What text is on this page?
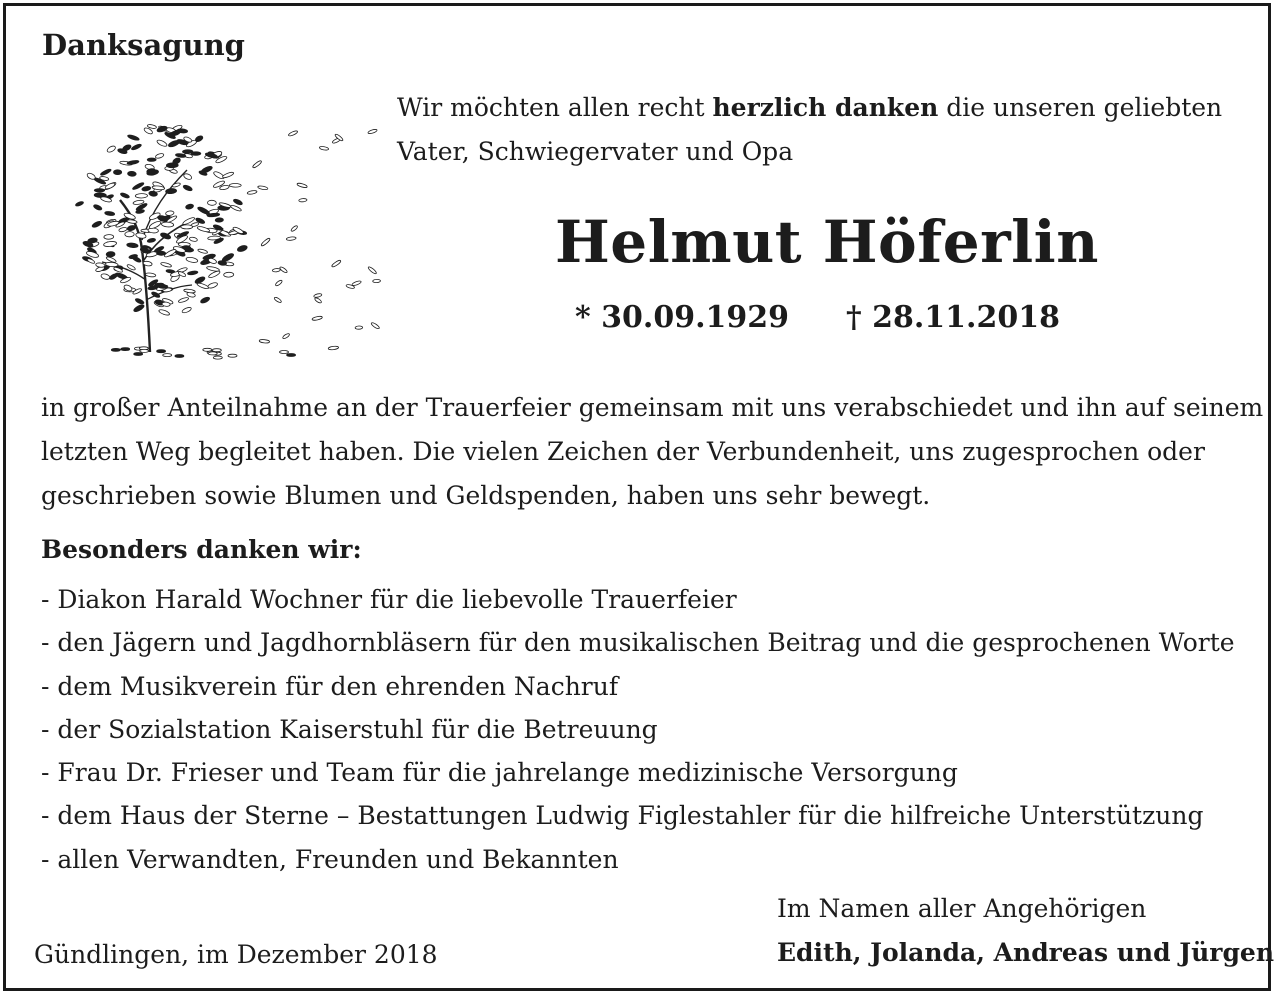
Danksagung
Wir möchten allen recht herzlich danken die unseren geliebten
Vater, Schwiegervater und Opa
Helmut Höferlin
* 30.09.1929 † 28.11.2018
in großer Anteilnahme an der Trauerfeier gemeinsam mit uns verabschiedet und ihn auf seinem
letzten Weg begleitet haben. Die vielen Zeichen der Verbundenheit, uns zugesprochen oder
geschrieben sowie Blumen und Geldspenden, haben uns sehr bewegt.
Besonders danken wir:
- Diakon Harald Wochner für die liebevolle Trauerfeier
- den Jägern und Jagdhornbläsern für den musikalischen Beitrag und die gesprochenen Worte
- dem Musikverein für den ehrenden Nachruf
- der Sozialstation Kaiserstuhl für die Betreuung
- Frau Dr. Frieser und Team für die jahrelange medizinische Versorgung
- dem Haus der Sterne – Bestattungen Ludwig Figlestahler für die hilfreiche Unterstützung
- allen Verwandten, Freunden und Bekannten
Gündlingen, im Dezember 2018
Im Namen aller Angehörigen
Edith, Jolanda, Andreas und Jürgen
